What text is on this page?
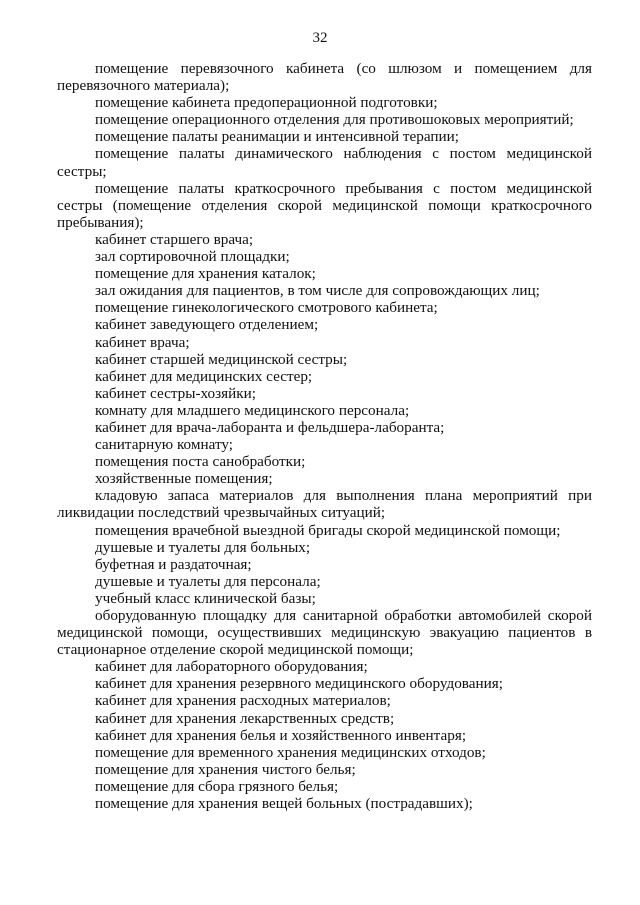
32

помещение перевязочного кабинета (со шлюзом и помещением для перевязочного материала);

помещение кабинета предоперационной подготовки;

помещение операционного отделения для противошоковых мероприятий;

помещение палаты реанимации и интенсивной терапии;

помещение палаты динамического наблюдения с постом медицинской сестры;

помещение палаты краткосрочного пребывания с постом медицинской сестры (помещение отделения скорой медицинской помощи краткосрочного пребывания);

кабинет старшего врача;

зал сортировочной площадки;

помещение для хранения каталок;

зал ожидания для пациентов, в том числе для сопровождающих лиц;

помещение гинекологического смотрового кабинета;

кабинет заведующего отделением;

кабинет врача;

кабинет старшей медицинской сестры;

кабинет для медицинских сестер;

кабинет сестры-хозяйки;

комнату для младшего медицинского персонала;

кабинет для врача-лаборанта и фельдшера-лаборанта;

санитарную комнату;

помещения поста санобработки;

хозяйственные помещения;

кладовую запаса материалов для выполнения плана мероприятий при ликвидации последствий чрезвычайных ситуаций;

помещения врачебной выездной бригады скорой медицинской помощи;

душевые и туалеты для больных;

буфетная и раздаточная;

душевые и туалеты для персонала;

учебный класс клинической базы;

оборудованную площадку для санитарной обработки автомобилей скорой медицинской помощи, осуществивших медицинскую эвакуацию пациентов в стационарное отделение скорой медицинской помощи;

кабинет для лабораторного оборудования;

кабинет для хранения резервного медицинского оборудования;

кабинет для хранения расходных материалов;

кабинет для хранения лекарственных средств;

кабинет для хранения белья и хозяйственного инвентаря;

помещение для временного хранения медицинских отходов;

помещение для хранения чистого белья;

помещение для сбора грязного белья;

помещение для хранения вещей больных (пострадавших);
